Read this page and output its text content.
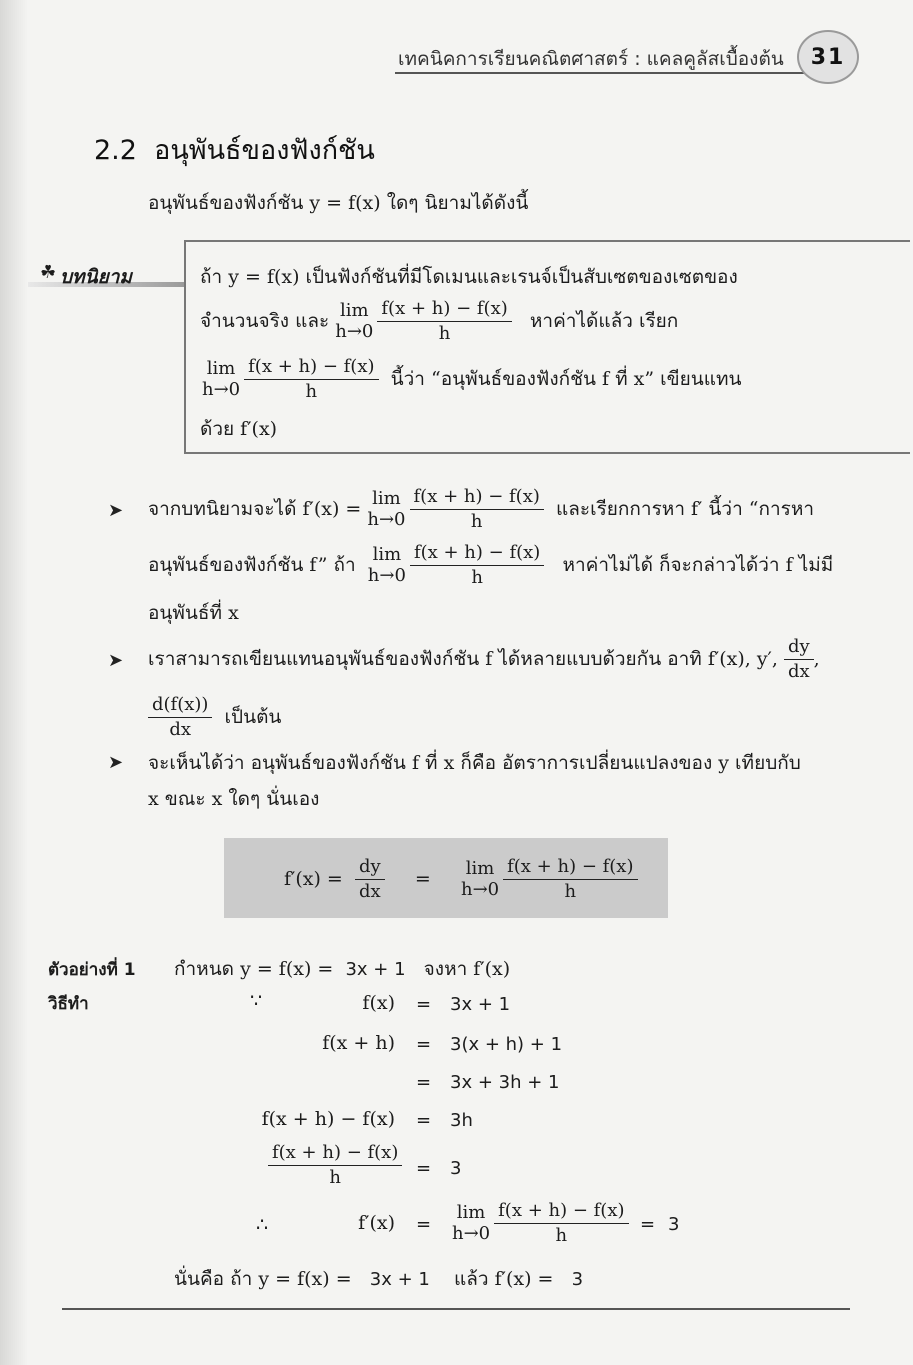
เทคนิคการเรียนคณิตศาสตร์ : แคลคูลัสเบื้องต้น	31
2.2 อนุพันธ์ของฟังก์ชัน
อนุพันธ์ของฟังก์ชัน y = f(x) ใดๆ นิยามได้ดังนี้
☘ บทนิยาม	ถ้า y = f(x) เป็นฟังก์ชันที่มีโดเมนและเรนจ์เป็นสับเซตของเซตของ
จำนวนจริง และ

lim
$h\to 0 \frac{f(x + h) - f(x)}{h}$
หาค่าได้แล้ว เรียก
lim
$h\to 0 \frac{f(x + h) - f(x)}{h}$
นี้ว่า “อนุพันธ์ของฟังก์ชัน f ที่ x” เขียนแทน
ด้วย f′(x)
➤ จากบทนิยามจะได้ f′(x) =

lim
$h\to 0 \frac{f(x + h) - f(x)}{h}$
และเรียกการหา f′ นี้ว่า “การหา
อนุพันธ์ของฟังก์ชัน f” ถ้า

lim
$h\to 0 \frac{f(x + h) - f(x)}{h}$
หาค่าไม่ได้ ก็จะกล่าวได้ว่า f ไม่มี
อนุพันธ์ที่ x
➤ เราสามารถเขียนแทนอนุพันธ์ของฟังก์ชัน f ได้หลายแบบด้วยกัน อาทิ f′(x), y′,
$\frac{dy}{dx}$ ,
$\frac{d(f(x))}{dx}$
เป็นต้น
➤ จะเห็นได้ว่า อนุพันธ์ของฟังก์ชัน f ที่ x ก็คือ อัตราการเปลี่ยนแปลงของ y เทียบกับ
x ขณะ x ใดๆ นั่นเอง
f′(x) =
$\frac{dy}{dx}$
=

lim
$h\to 0 \frac{f(x + h) - f(x)}{h}$
ตัวอย่างที่ 1 กำหนด y = f(x) = 3x + 1 จงหา f′(x)
วิธีทำ	∵	f(x) = 3x + 1
f(x + h) = 3(x + h) + 1
= 3x + 3h + 1
f(x + h) − f(x) = 3h
$\frac{f(x + h) - f(x)}{h} = 3$
∴	f′(x) =
lim
$h\to 0 \frac{f(x + h) - f(x)}{h} = 3$
นั่นคือ ถ้า y = f(x) = 3x + 1 แล้ว f′(x) = 3
